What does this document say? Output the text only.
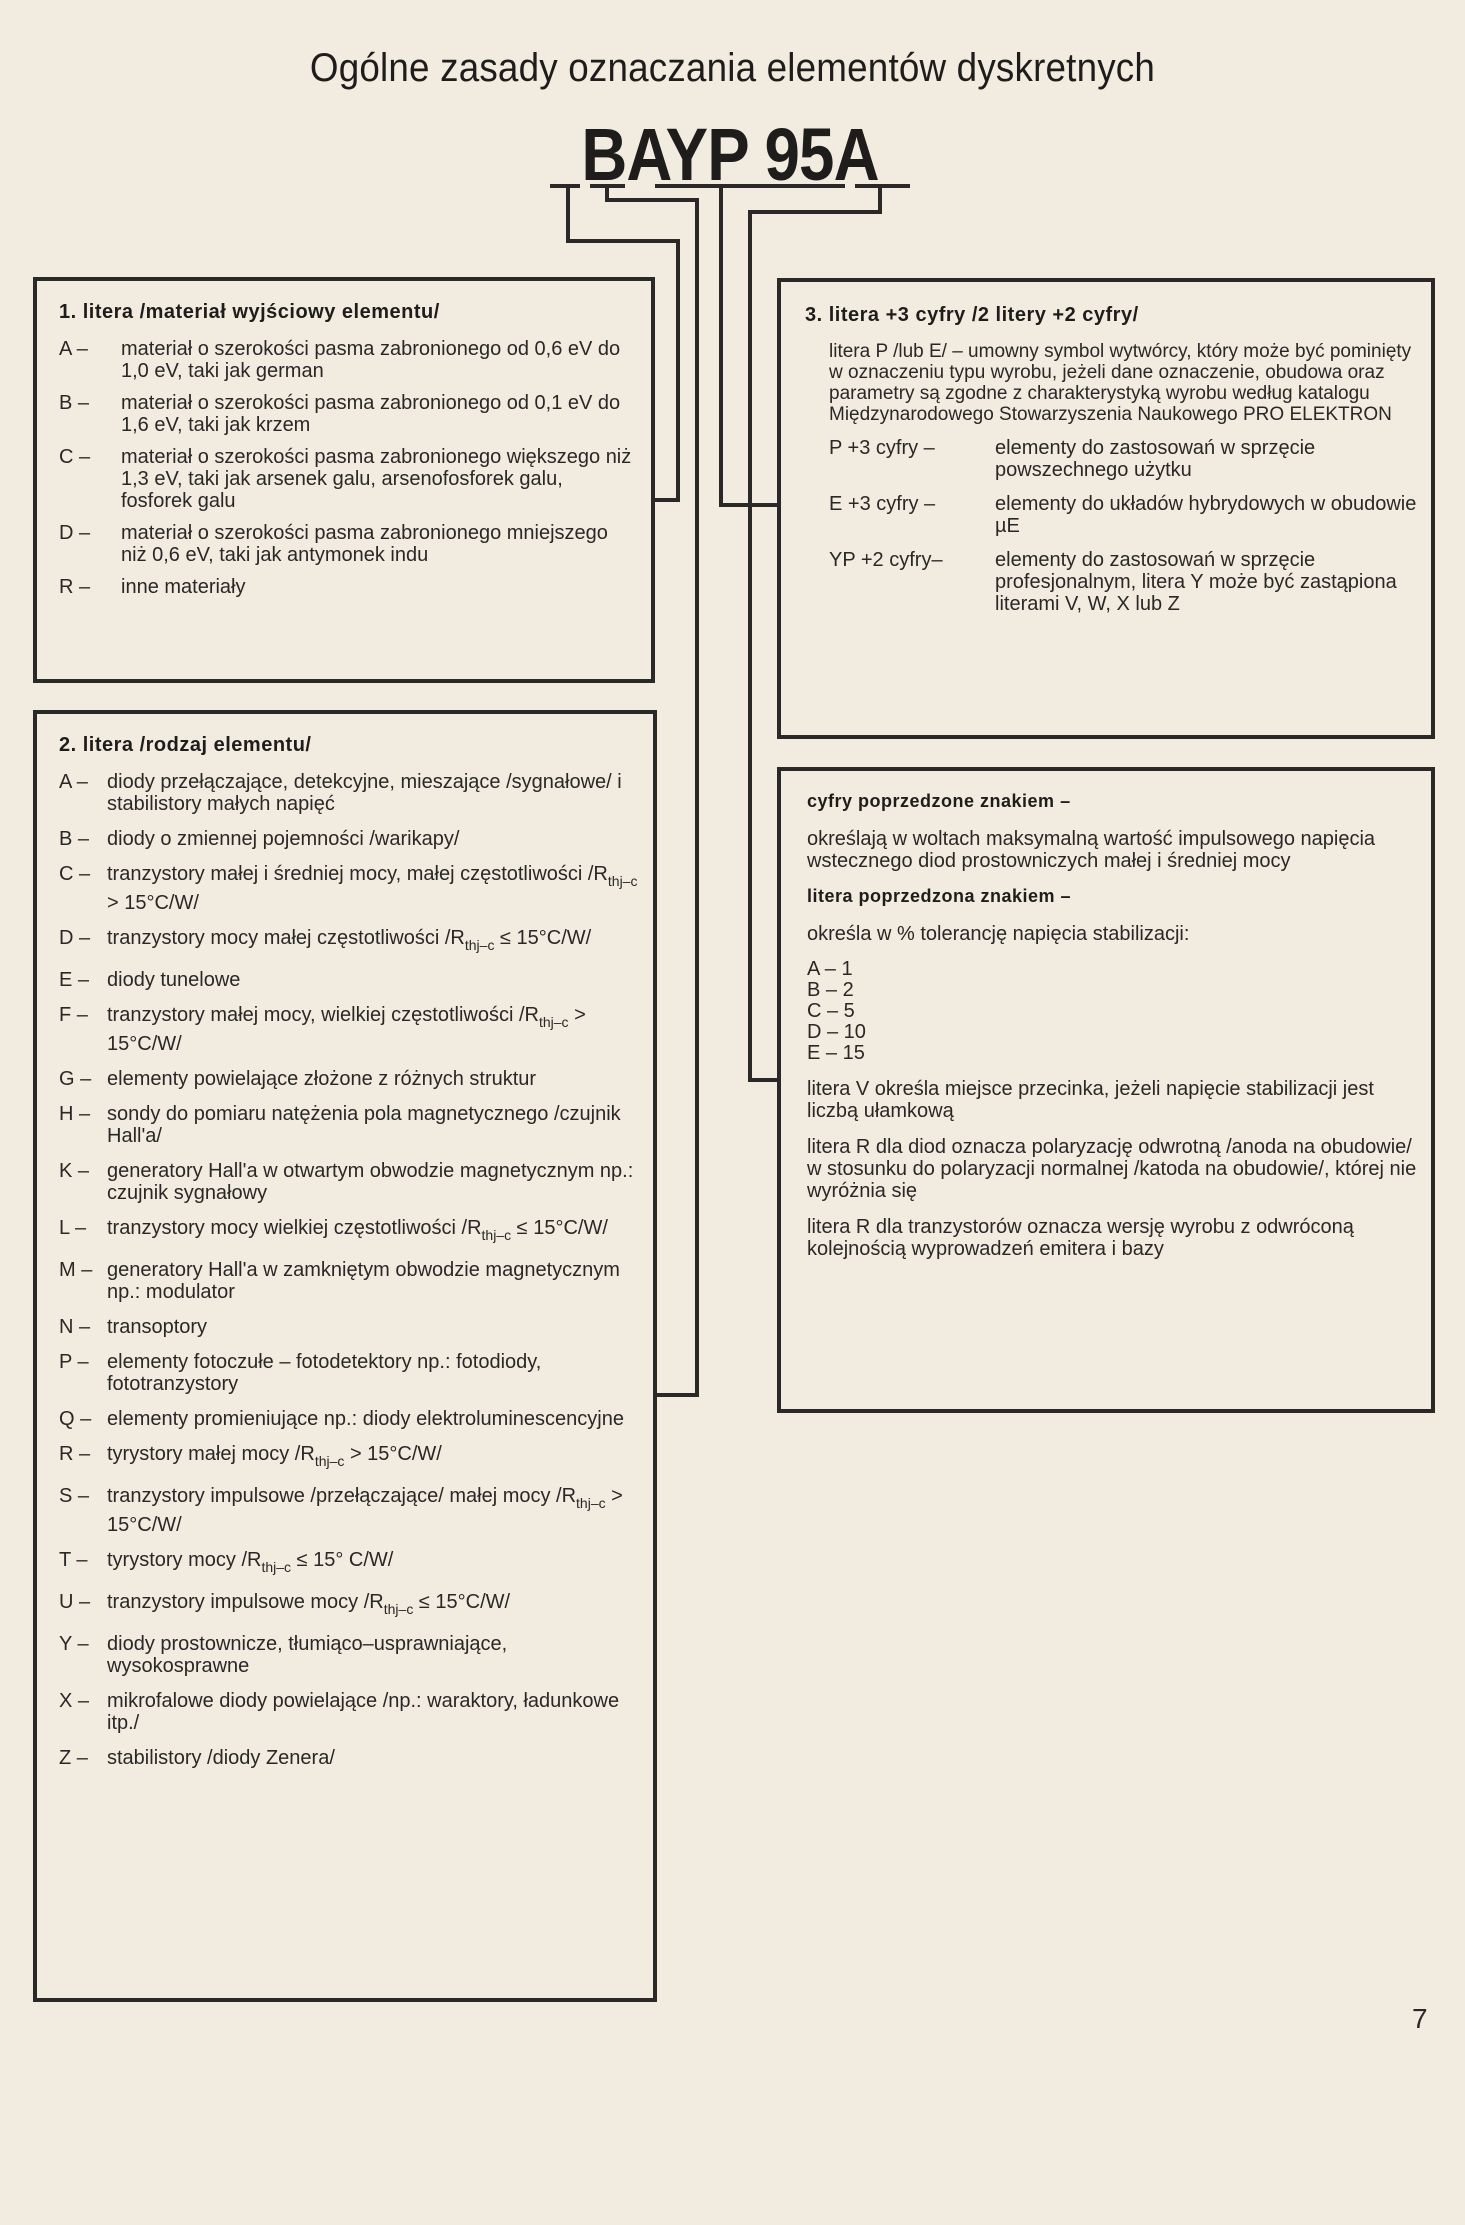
Ogólne zasady oznaczania elementów dyskretnych
BAYP 95A
1. litera /materiał wyjściowy elementu/
A –	materiał o szerokości pasma zabronionego od 0,6 eV do 1,0 eV, taki jak german
B –	materiał o szerokości pasma zabronionego od 0,1 eV do 1,6 eV, taki jak krzem
C –	materiał o szerokości pasma zabronionego większego niż 1,3 eV, taki jak arsenek galu, arsenofosforek galu, fosforek galu
D –	materiał o szerokości pasma zabronionego mniejszego niż 0,6 eV, taki jak antymonek indu
R –	inne materiały
2. litera /rodzaj elementu/
A – diody przełączające, detekcyjne, mieszające /sygnałowe/ i stabilistory małych napięć
B – diody o zmiennej pojemności /warikapy/
C – tranzystory małej i średniej mocy, małej częstotliwości $/R_{thj-c} > 15^\circ C/W/$
D – tranzystory mocy małej częstotliwości $/R_{thj-c} \le 15^\circ C/W/$
E – diody tunelowe
F – tranzystory małej mocy, wielkiej częstotliwości $/R_{thj-c} > 15^\circ C/W/$
G – elementy powielające złożone z różnych struktur
H – sondy do pomiaru natężenia pola magnetycznego /czujnik Hall'a/
K – generatory Hall'a w otwartym obwodzie magnetycznym np.: czujnik sygnałowy
L –	tranzystory mocy wielkiej częstotliwości $/R_{thj-c} \le 15^\circ C/W/$
M – generatory Hall'a w zamkniętym obwodzie magnetycznym np.: modulator
N – transoptory
P – elementy fotoczułe – fotodetektory np.: fotodiody, fototranzystory
Q – elementy promieniujące np.: diody elektroluminescencyjne
R – tyrystory małej mocy $/R_{thj-c} > 15^\circ C/W/$
S – tranzystory impulsowe /przełączające/ małej mocy $/R_{thj-c} > 15^\circ C/W/$
T – tyrystory mocy $/R_{thj-c} \le 15^\circ$ C/W/
U – tranzystory impulsowe mocy $/R_{thj-c} \le 15^\circ C/W/$
Y – diody prostownicze, tłumiąco–usprawniające, wysokosprawne
X – mikrofalowe diody powielające /np.: waraktory, ładunkowe itp./
Z – stabilistory /diody Zenera/
3. litera +3 cyfry /2 litery +2 cyfry/
litera P /lub E/ – umowny symbol wytwórcy, który może być pominięty w oznaczeniu typu wyrobu, jeżeli dane oznaczenie, obudowa oraz parametry są zgodne z charakterystyką wyrobu według katalogu Międzynarodowego Stowarzyszenia Naukowego PRO ELEKTRON
P +3 cyfry –	elementy do zastosowań w sprzęcie powszechnego użytku
E +3 cyfry –	elementy do układów hybrydowych w obudowie µE
YP +2 cyfry–	elementy do zastosowań w sprzęcie profesjonalnym, litera Y może być zastąpiona literami V, W, X lub Z
cyfry poprzedzone znakiem –
określają w woltach maksymalną wartość impulsowego napięcia wstecznego diod prostowniczych małej i średniej mocy
litera poprzedzona znakiem –
określa w % tolerancję napięcia stabilizacji:
A – 1
B – 2
C – 5
D – 10
E – 15
litera V określa miejsce przecinka, jeżeli napięcie stabilizacji jest liczbą ułamkową
litera R dla diod oznacza polaryzację odwrotną /anoda na obudowie/ w stosunku do polaryzacji normalnej /katoda na obudowie/, której nie wyróżnia się
litera R dla tranzystorów oznacza wersję wyrobu z odwróconą kolejnością wyprowadzeń emitera i bazy
7
